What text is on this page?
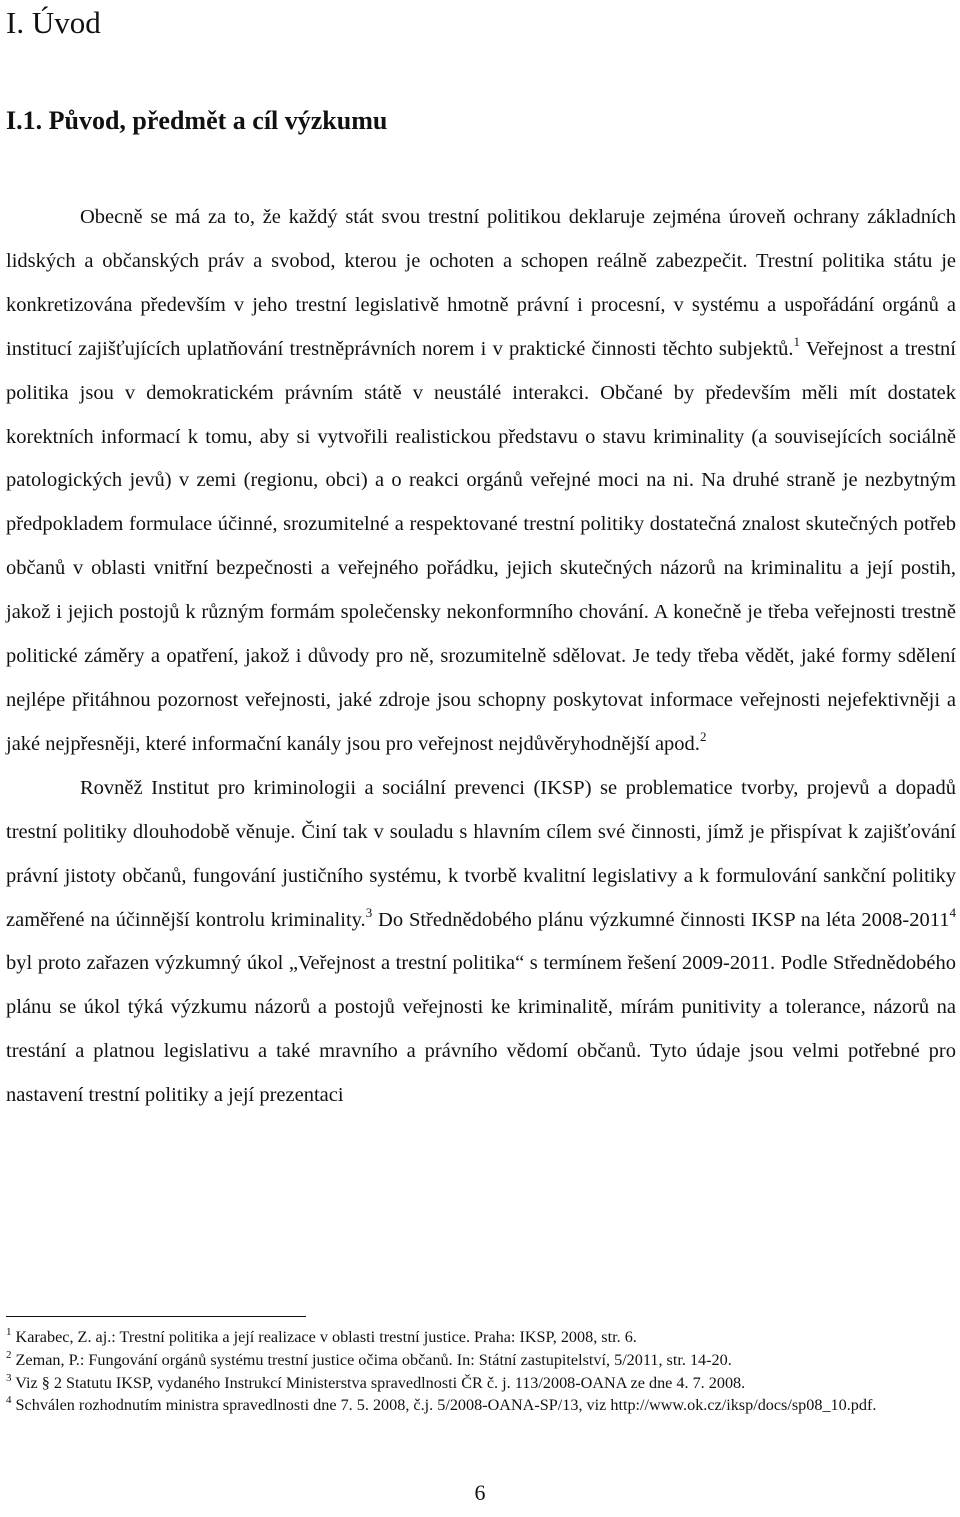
I. Úvod
I.1. Původ, předmět a cíl výzkumu

Obecně se má za to, že každý stát svou trestní politikou deklaruje zejména úroveň ochrany základních lidských a občanských práv a svobod, kterou je ochoten a schopen reálně zabezpečit. Trestní politika státu je konkretizována především v jeho trestní legislativě hmotně právní i procesní, v systému a uspořádání orgánů a institucí zajišťujících uplatňování trestněprávních norem i v praktické činnosti těchto subjektů.$^1$ Veřejnost a trestní politika jsou v demokratickém právním státě v neustálé interakci. Občané by především měli mít dostatek korektních informací k tomu, aby si vytvořili realistickou představu o stavu kriminality (a souvisejících sociálně patologických jevů) v zemi (regionu, obci) a o reakci orgánů veřejné moci na ni. Na druhé straně je nezbytným předpokladem formulace účinné, srozumitelné a respektované trestní politiky dostatečná znalost skutečných potřeb občanů v oblasti vnitřní bezpečnosti a veřejného pořádku, jejich skutečných názorů na kriminalitu a její postih, jakož i jejich postojů k různým formám společensky nekonformního chování. A konečně je třeba veřejnosti trestně politické záměry a opatření, jakož i důvody pro ně, srozumitelně sdělovat. Je tedy třeba vědět, jaké formy sdělení nejlépe přitáhnou pozornost veřejnosti, jaké zdroje jsou schopny poskytovat informace veřejnosti nejefektivněji a jaké nejpřesněji, které informační kanály jsou pro veřejnost nejdůvěryhodnější apod.$^2$

Rovněž Institut pro kriminologii a sociální prevenci (IKSP) se problematice tvorby, projevů a dopadů trestní politiky dlouhodobě věnuje. Činí tak v souladu s hlavním cílem své činnosti, jímž je přispívat k zajišťování právní jistoty občanů, fungování justičního systému, k tvorbě kvalitní legislativy a k formulování sankční politiky zaměřené na účinnější kontrolu kriminality.$^3$ Do Střednědobého plánu výzkumné činnosti IKSP na léta 2008-2011$^4$ byl proto zařazen výzkumný úkol „Veřejnost a trestní politika“ s termínem řešení 2009-2011. Podle Střednědobého plánu se úkol týká výzkumu názorů a postojů veřejnosti ke kriminalitě, mírám punitivity a tolerance, názorů na trestání a platnou legislativu a také mravního a právního vědomí občanů. Tyto údaje jsou velmi potřebné pro nastavení trestní politiky a její prezentaci

$^1$ Karabec, Z. aj.: Trestní politika a její realizace v oblasti trestní justice. Praha: IKSP, 2008, str. 6.

$^2$ Zeman, P.: Fungování orgánů systému trestní justice očima občanů. In: Státní zastupitelství, 5/2011, str. 14-20.

$^3$ Viz § 2 Statutu IKSP, vydaného Instrukcí Ministerstva spravedlnosti ČR č. j. 113/2008-OANA ze dne 4. 7. 2008.

$^4$ Schválen rozhodnutím ministra spravedlnosti dne 7. 5. 2008, č.j. 5/2008-OANA-SP/13, viz http://www.ok.cz/iksp/docs/sp08_10.pdf.

6
